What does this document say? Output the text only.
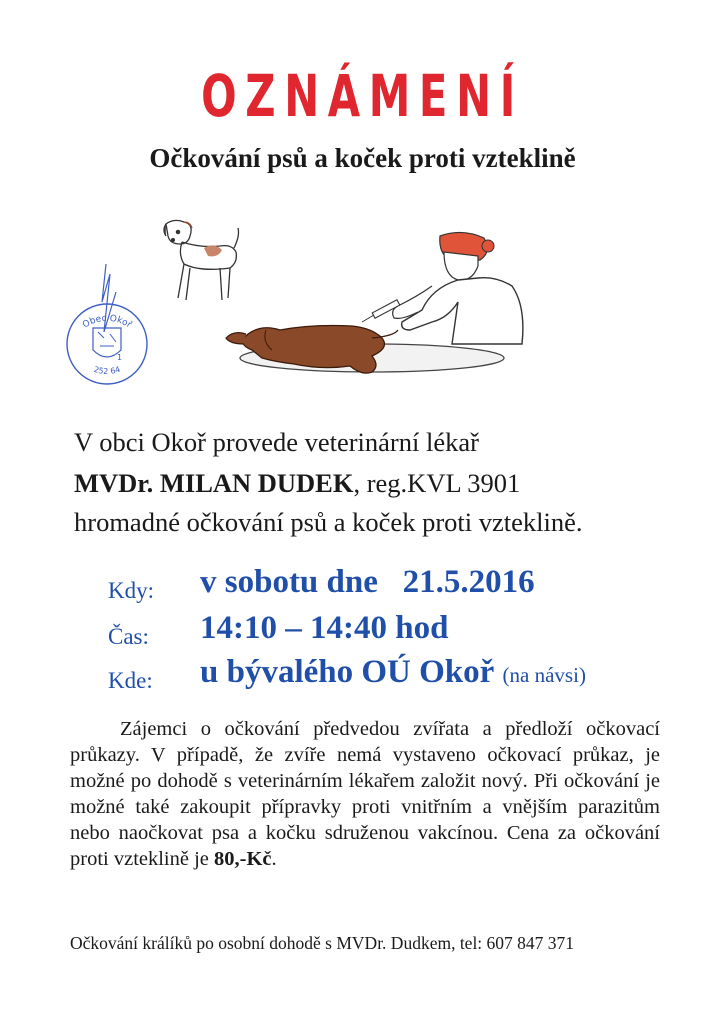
OZNÁMENÍ
Očkování psů a koček proti vzteklině
Obec Okoř
252 64
1
V obci Okoř provede veterinární lékař
MVDr. MILAN DUDEK, reg.KVL 3901
hromadné očkování psů a koček proti vzteklině.
Kdy: v sobotu dne   21.5.2016
Čas: 14:10 – 14:40 hod
Kde: u bývalého OÚ Okoř (na návsi)

Zájemci o očkování předvedou zvířata a předloží očkovací průkazy. V případě, že zvíře nemá vystaveno očkovací průkaz, je možné po dohodě s veterinárním lékařem založit nový. Při očkování je možné také zakoupit přípravky proti vnitřním a vnějším parazitům nebo naočkovat psa a kočku sdruženou vakcínou. Cena za očkování proti vzteklině je 80,-Kč.

Očkování králíků po osobní dohodě s MVDr. Dudkem, tel: 607 847 371
